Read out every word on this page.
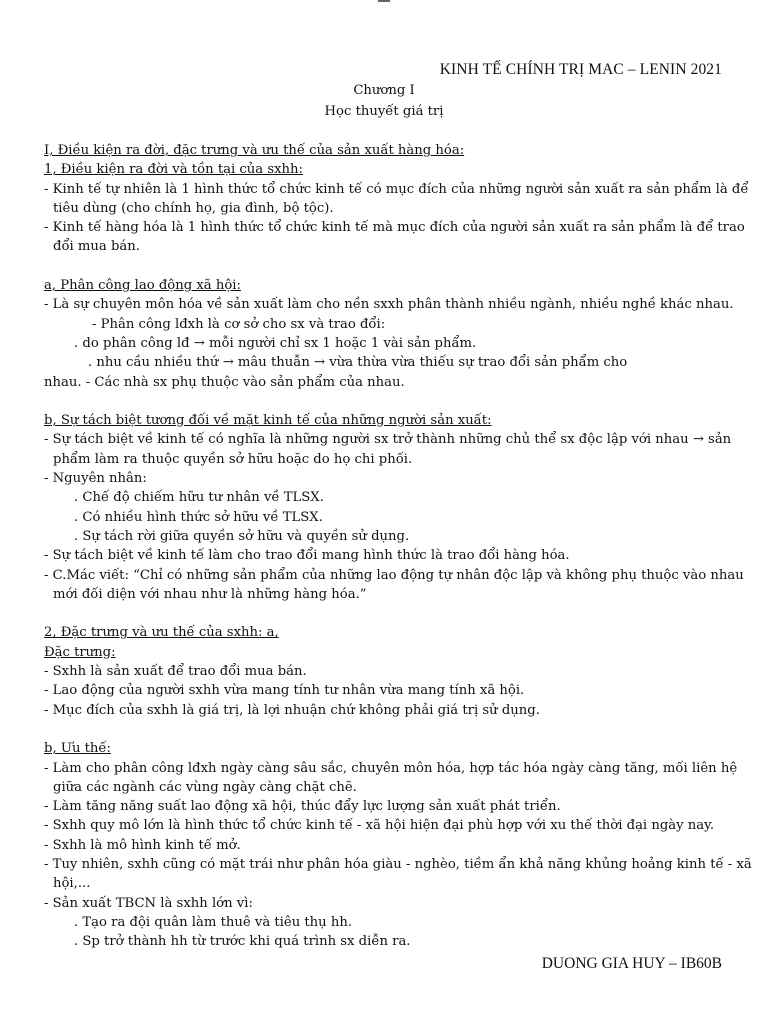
KINH TẾ CHÍNH TRỊ MAC – LENIN 2021
Chương I
Học thuyết giá trị
I, Điều kiện ra đời, đặc trưng và ưu thế của sản xuất hàng hóa:
1, Điều kiện ra đời và tồn tại của sxhh:
- Kinh tế tự nhiên là 1 hình thức tổ chức kinh tế có mục đích của những người sản xuất ra sản phẩm là để
tiêu dùng (cho chính họ, gia đình, bộ tộc).
- Kinh tế hàng hóa là 1 hình thức tổ chức kinh tế mà mục đích của người sản xuất ra sản phẩm là để trao
đổi mua bán.
a, Phân công lao động xã hội:
- Là sự chuyên môn hóa về sản xuất làm cho nền sxxh phân thành nhiều ngành, nhiều nghề khác nhau.
- Phân công lđxh là cơ sở cho sx và trao đổi:
. do phân công lđ → mỗi người chỉ sx 1 hoặc 1 vài sản phẩm.
. nhu cầu nhiều thứ → mâu thuẫn → vừa thừa vừa thiếu sự trao đổi sản phẩm cho
nhau. - Các nhà sx phụ thuộc vào sản phẩm của nhau.
b, Sự tách biệt tương đối về mặt kinh tế của những người sản xuất:
- Sự tách biệt về kinh tế có nghĩa là những người sx trở thành những chủ thể sx độc lập với nhau → sản
phẩm làm ra thuộc quyền sở hữu hoặc do họ chi phối.
- Nguyên nhân:
. Chế độ chiếm hữu tư nhân về TLSX.
. Có nhiều hình thức sở hữu về TLSX.
. Sự tách rời giữa quyền sở hữu và quyền sử dụng.
- Sự tách biệt về kinh tế làm cho trao đổi mang hình thức là trao đổi hàng hóa.
- C.Mác viết: “Chỉ có những sản phẩm của những lao động tự nhân độc lập và không phụ thuộc vào nhau
mới đối diện với nhau như là những hàng hóa.”
2, Đặc trưng và ưu thế của sxhh: a,
Đặc trưng:
- Sxhh là sản xuất để trao đổi mua bán.
- Lao động của người sxhh vừa mang tính tư nhân vừa mang tính xã hội.
- Mục đích của sxhh là giá trị, là lợi nhuận chứ không phải giá trị sử dụng.
b, Ưu thế:
- Làm cho phân công lđxh ngày càng sâu sắc, chuyên môn hóa, hợp tác hóa ngày càng tăng, mối liên hệ
giữa các ngành các vùng ngày càng chặt chẽ.
- Làm tăng năng suất lao động xã hội, thúc đẩy lực lượng sản xuất phát triển.
- Sxhh quy mô lớn là hình thức tổ chức kinh tế - xã hội hiện đại phù hợp với xu thế thời đại ngày nay.
- Sxhh là mô hình kinh tế mở.
- Tuy nhiên, sxhh cũng có mặt trái như phân hóa giàu - nghèo, tiềm ẩn khả năng khủng hoảng kinh tế - xã
hội,...
- Sản xuất TBCN là sxhh lớn vì:
. Tạo ra đội quân làm thuê và tiêu thụ hh.
. Sp trở thành hh từ trước khi quá trình sx diễn ra.
DUONG GIA HUY – IB60B
